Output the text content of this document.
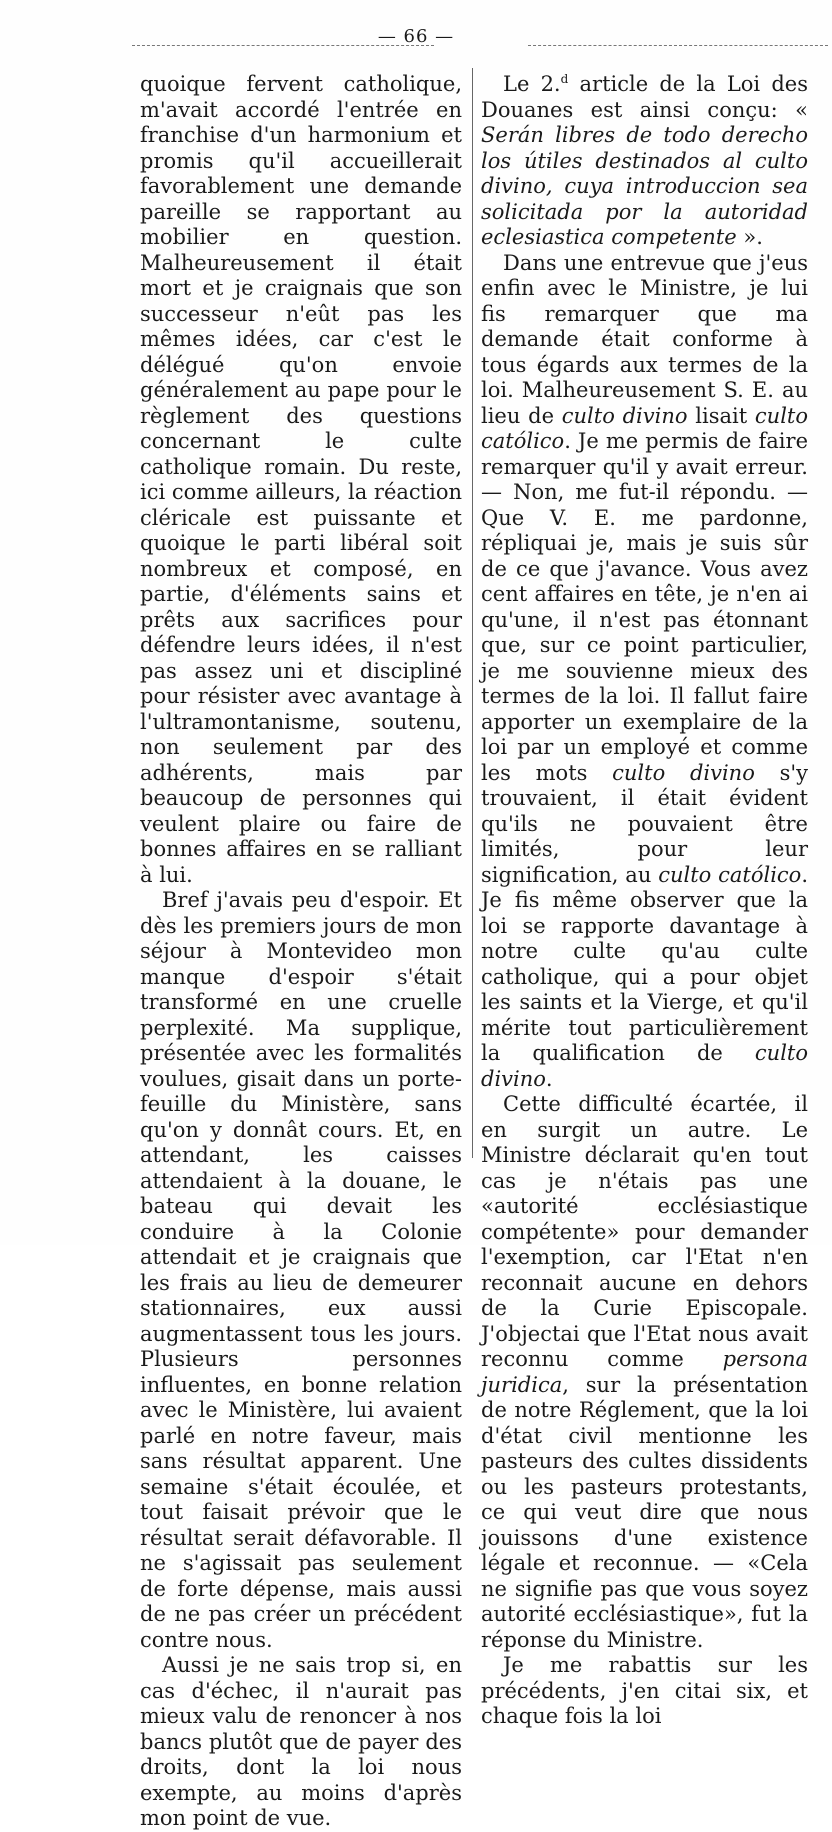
— 66 —

quoique fervent catholique, m'avait accordé l'entrée en franchise d'un harmonium et promis qu'il accueillerait favorablement une demande pareille se rapportant au mobilier en question. Malheureusement il était mort et je craignais que son successeur n'eût pas les mêmes idées, car c'est le délégué qu'on envoie généralement au pape pour le règlement des questions concernant le culte catholique romain. Du reste, ici comme ailleurs, la réaction cléricale est puissante et quoique le parti libéral soit nombreux et composé, en partie, d'éléments sains et prêts aux sacrifices pour défendre leurs idées, il n'est pas assez uni et discipliné pour résister avec avantage à l'ultramontanisme, soutenu, non seulement par des adhérents, mais par beaucoup de personnes qui veulent plaire ou faire de bonnes affaires en se ralliant à lui.

Bref j'avais peu d'espoir. Et dès les premiers jours de mon séjour à Montevideo mon manque d'espoir s'était transformé en une cruelle perplexité. Ma supplique, présentée avec les formalités voulues, gisait dans un porte-feuille du Ministère, sans qu'on y donnât cours. Et, en attendant, les caisses attendaient à la douane, le bateau qui devait les conduire à la Colonie attendait et je craignais que les frais au lieu de demeurer stationnaires, eux aussi augmentassent tous les jours. Plusieurs personnes influentes, en bonne relation avec le Ministère, lui avaient parlé en notre faveur, mais sans résultat apparent. Une semaine s'était écoulée, et tout faisait prévoir que le résultat serait défavorable. Il ne s'agissait pas seulement de forte dépense, mais aussi de ne pas créer un précédent contre nous.

Aussi je ne sais trop si, en cas d'échec, il n'aurait pas mieux valu de renoncer à nos bancs plutôt que de payer des droits, dont la loi nous exempte, au moins d'après mon point de vue.

Le 2.$^d$ article de la Loi des Douanes est ainsi conçu: « Serán libres de todo derecho los útiles destinados al culto divino, cuya introduccion sea solicitada por la autoridad eclesiastica competente ».

Dans une entrevue que j'eus enfin avec le Ministre, je lui fis remarquer que ma demande était conforme à tous égards aux termes de la loi. Malheureusement S. E. au lieu de culto divino lisait culto católico. Je me permis de faire remarquer qu'il y avait erreur. — Non, me fut-il répondu. — Que V. E. me pardonne, répliquai je, mais je suis sûr de ce que j'avance. Vous avez cent affaires en tête, je n'en ai qu'une, il n'est pas étonnant que, sur ce point particulier, je me souvienne mieux des termes de la loi. Il fallut faire apporter un exemplaire de la loi par un employé et comme les mots culto divino s'y trouvaient, il était évident qu'ils ne pouvaient être limités, pour leur signification, au culto católico. Je fis même observer que la loi se rapporte davantage à notre culte qu'au culte catholique, qui a pour objet les saints et la Vierge, et qu'il mérite tout particulièrement la qualification de culto divino.

Cette difficulté écartée, il en surgit un autre. Le Ministre déclarait qu'en tout cas je n'étais pas une «autorité ecclésiastique compétente» pour demander l'exemption, car l'Etat n'en reconnait aucune en dehors de la Curie Episcopale. J'objectai que l'Etat nous avait reconnu comme persona juridica, sur la présentation de notre Réglement, que la loi d'état civil mentionne les pasteurs des cultes dissidents ou les pasteurs protestants, ce qui veut dire que nous jouissons d'une existence légale et reconnue. — «Cela ne signifie pas que vous soyez autorité ecclésiastique», fut la réponse du Ministre.

Je me rabattis sur les précédents, j'en citai six, et chaque fois la loi
